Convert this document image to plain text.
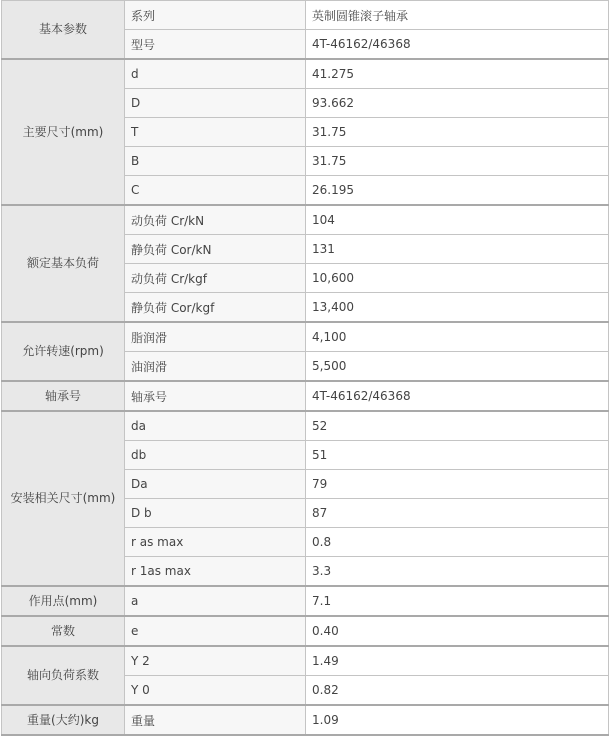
基本参数	系列	英制圆锥滚子轴承
	型号	4T-46162/46368
主要尺寸(mm)	d	41.275
	D	93.662
	T	31.75
	B	31.75
	C	26.195
额定基本负荷	动负荷 Cr/kN	104
	静负荷 Cor/kN	131
	动负荷 Cr/kgf	10,600
	静负荷 Cor/kgf	13,400
允许转速(rpm)	脂润滑	4,100
	油润滑	5,500
轴承号	轴承号	4T-46162/46368
安装相关尺寸(mm)	da	52
	db	51
	Da	79
	D b	87
	r as max	0.8
	r 1as max	3.3
作用点(mm)	a	7.1
常数	e	0.40
轴向负荷系数	Y 2	1.49
	Y 0	0.82
重量(大约)kg	重量	1.09
